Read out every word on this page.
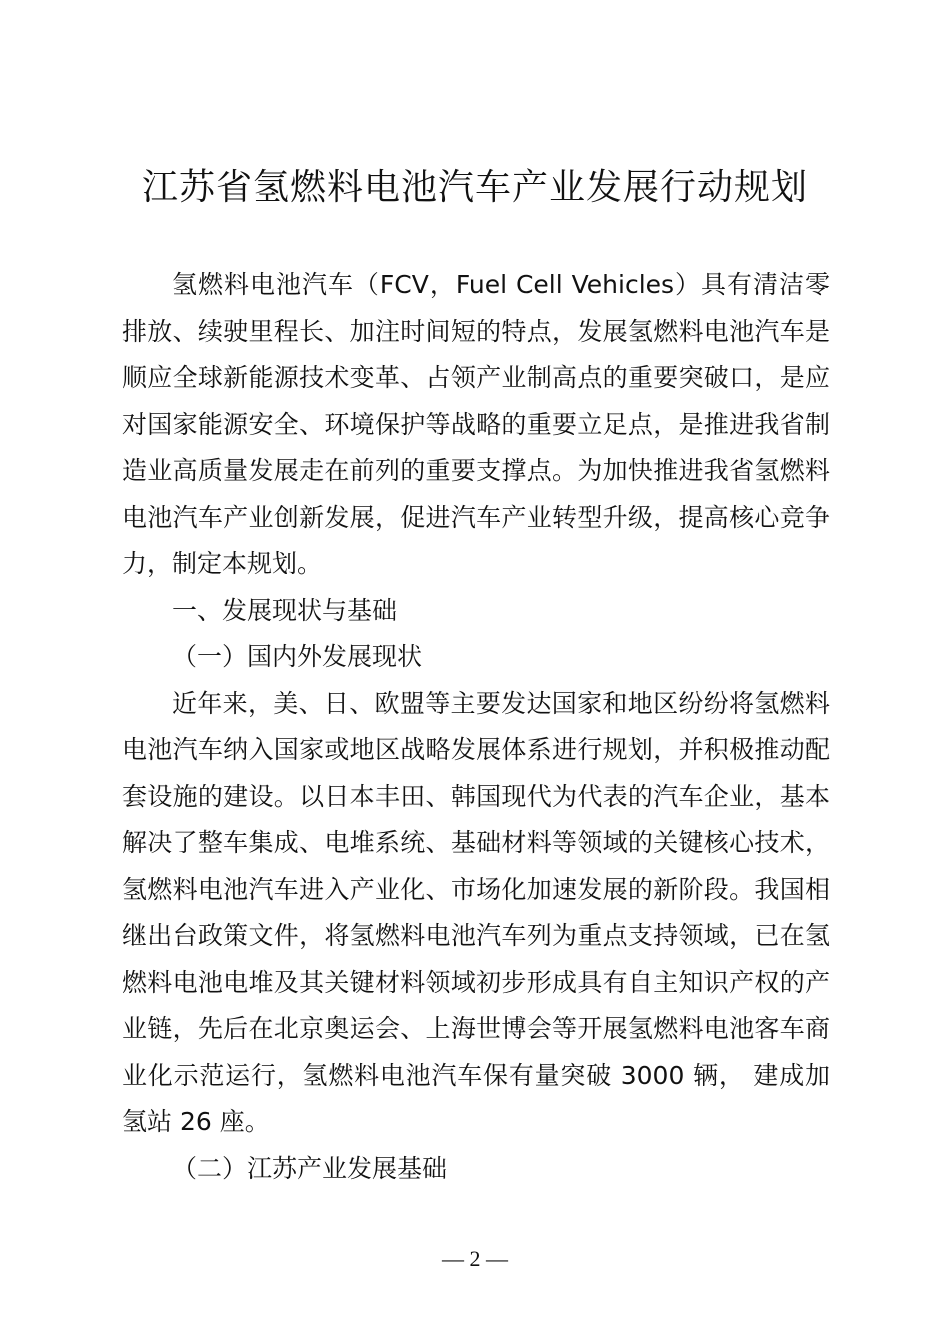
江苏省氢燃料电池汽车产业发展行动规划

氢燃料电池汽车（FCV，Fuel Cell Vehicles）具有清洁零排放、续驶里程长、加注时间短的特点，发展氢燃料电池汽车是顺应全球新能源技术变革、占领产业制高点的重要突破口，是应对国家能源安全、环境保护等战略的重要立足点，是推进我省制造业高质量发展走在前列的重要支撑点。为加快推进我省氢燃料电池汽车产业创新发展，促进汽车产业转型升级，提高核心竞争力，制定本规划。

一、发展现状与基础

（一）国内外发展现状

近年来，美、日、欧盟等主要发达国家和地区纷纷将氢燃料电池汽车纳入国家或地区战略发展体系进行规划，并积极推动配套设施的建设。以日本丰田、韩国现代为代表的汽车企业，基本解决了整车集成、电堆系统、基础材料等领域的关键核心技术，氢燃料电池汽车进入产业化、市场化加速发展的新阶段。我国相继出台政策文件，将氢燃料电池汽车列为重点支持领域，已在氢燃料电池电堆及其关键材料领域初步形成具有自主知识产权的产业链，先后在北京奥运会、上海世博会等开展氢燃料电池客车商业化示范运行，氢燃料电池汽车保有量突破 3000 辆， 建成加氢站 26 座。

（二）江苏产业发展基础

— 2 —
